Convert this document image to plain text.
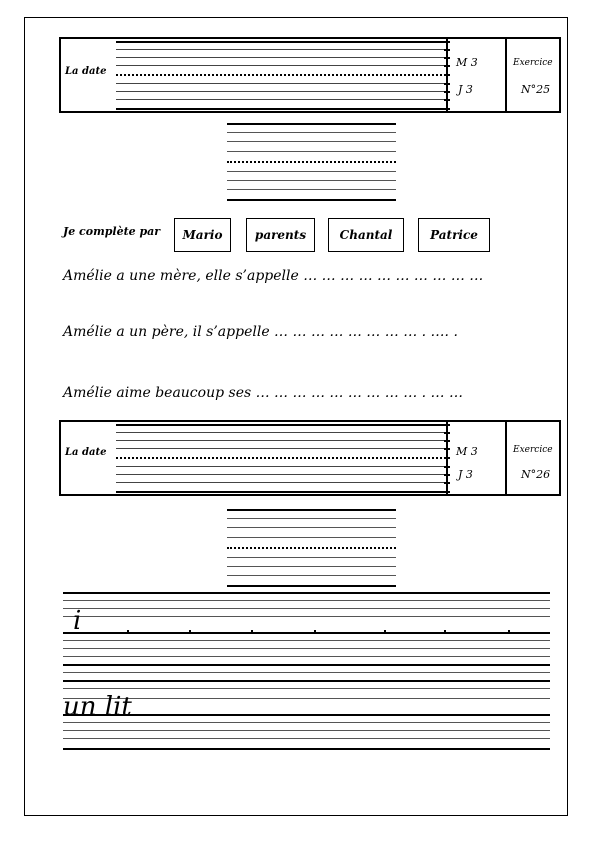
La date
M 3
J 3
Exercice
N°25
Je complète par	Mario	parents	Chantal	Patrice
Amélie a une mère, elle s’appelle … … … … … … … … … …
Amélie a un père, il s’appelle … … … … … … … … . …. .
Amélie aime beaucoup ses … … … … … … … … … . … …
La date	M 3
J 3
Exercice
N°26
i
un lit
